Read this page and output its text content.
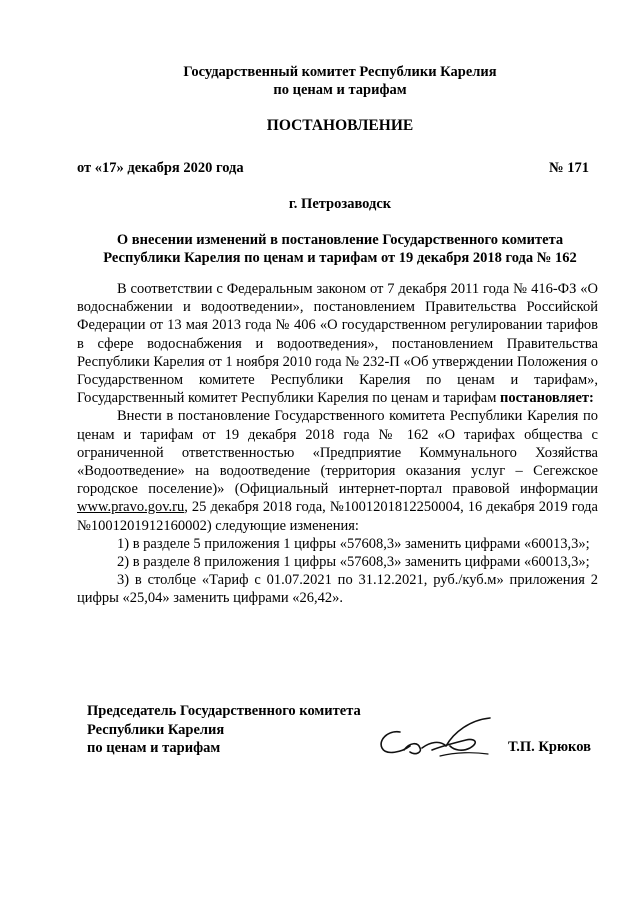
Государственный комитет Республики Карелия
по ценам и тарифам
ПОСТАНОВЛЕНИЕ
от «17» декабря 2020 года	№ 171
г. Петрозаводск
О внесении изменений в постановление Государственного комитета
Республики Карелия по ценам и тарифам от 19 декабря 2018 года № 162

В соответствии с Федеральным законом от 7 декабря 2011 года № 416-ФЗ «О водоснабжении и водоотведении», постановлением Правительства Российской Федерации от 13 мая 2013 года № 406 «О государственном регулировании тарифов в сфере водоснабжения и водоотведения», постановлением Правительства Республики Карелия от 1 ноября 2010 года № 232-П «Об утверждении Положения о Государственном комитете Республики Карелия по ценам и тарифам», Государственный комитет Республики Карелия по ценам и тарифам постановляет:

Внести в постановление Государственного комитета Республики Карелия по ценам и тарифам от 19 декабря 2018 года № 162 «О тарифах общества с ограниченной ответственностью «Предприятие Коммунального Хозяйства «Водоотведение» на водоотведение (территория оказания услуг – Сегежское городское поселение)» (Официальный интернет-портал правовой информации www.pravo.gov.ru, 25 декабря 2018 года, №1001201812250004, 16 декабря 2019 года №1001201912160002) следующие изменения:

1) в разделе 5 приложения 1 цифры «57608,3» заменить цифрами «60013,3»;

2) в разделе 8 приложения 1 цифры «57608,3» заменить цифрами «60013,3»;

3) в столбце «Тариф с 01.07.2021 по 31.12.2021, руб./куб.м» приложения 2 цифры «25,04» заменить цифрами «26,42».

Председатель Государственного комитета
Республики Карелия
по ценам и тарифам	Т.П. Крюков
